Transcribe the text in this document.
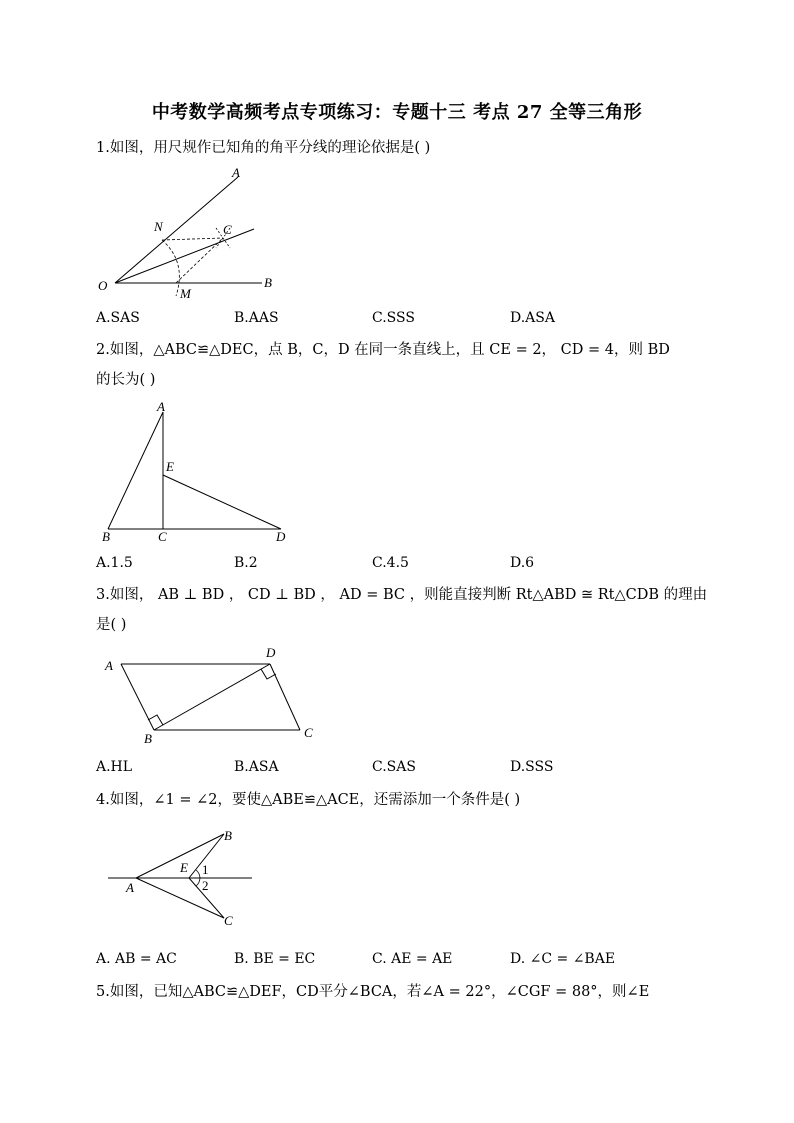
中考数学高频考点专项练习：专题十三 考点 27 全等三角形
1.如图，用尺规作已知角的角平分线的理论依据是( )
A
N	C
O
M
B
A.SAS	B.AAS	C.SSS	D.ASA
2.如图，△ABC≌△DEC，点 B，C，D 在同一条直线上，且 CE = 2， CD = 4，则 BD
的长为( )
A
E
B	C	D
A.1.5	B.2	C.4.5	D.6
3.如图， AB ⊥ BD ， CD ⊥ BD ， AD = BC ，则能直接判断 Rt△ABD ≅ Rt△CDB 的理由
是( )
A
D
B	C
A.HL	B.ASA	C.SAS	D.SSS
4.如图，∠1 = ∠2，要使△ABE≌△ACE，还需添加一个条件是( )
B
E 1
2
A
C
A. AB = AC	B. BE = EC	C. AE = AE	D. ∠C = ∠BAE
5.如图，已知△ABC≌△DEF，CD平分∠BCA，若∠A = 22°，∠CGF = 88°，则∠E
